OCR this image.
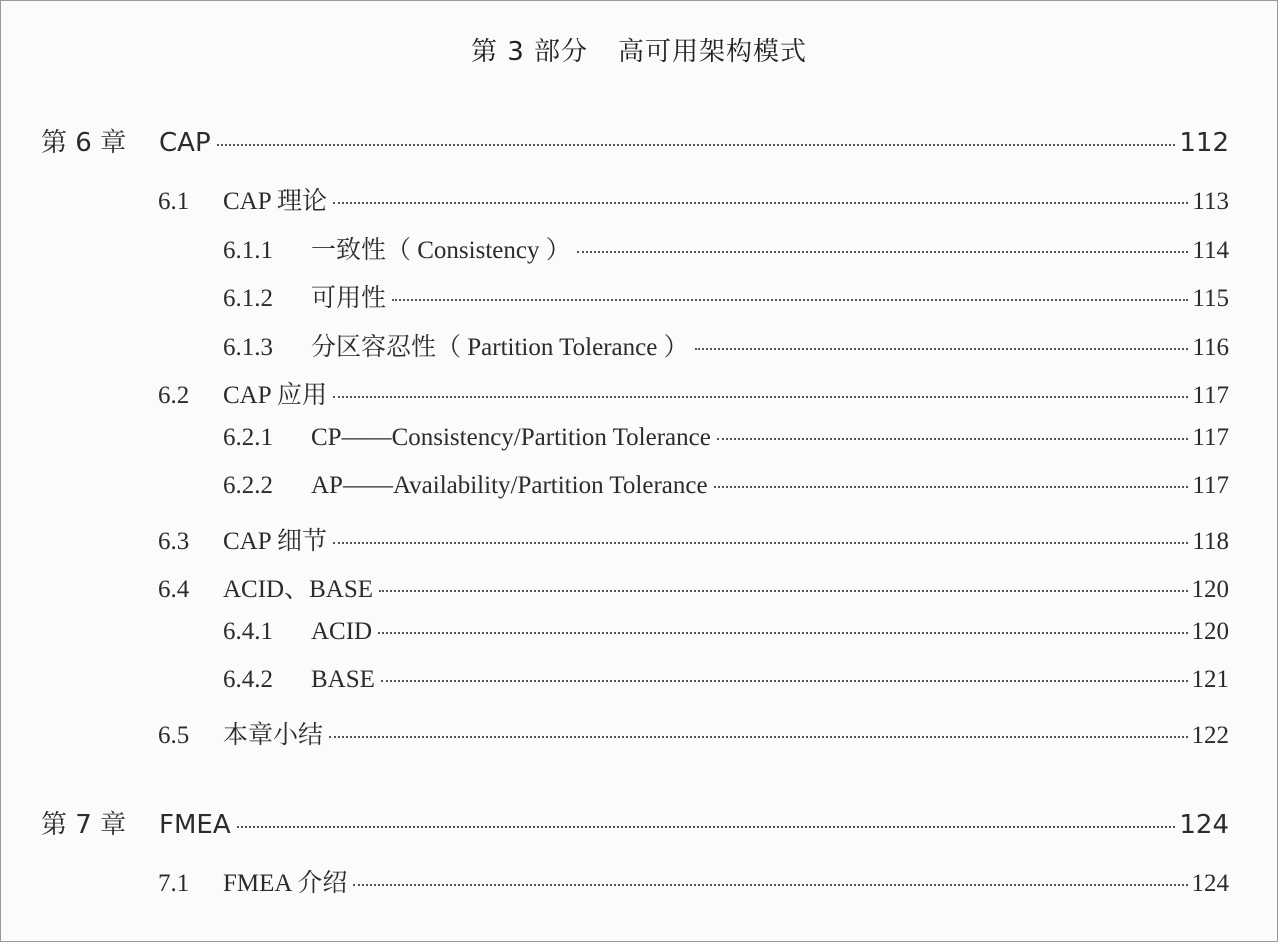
第 3 部分 高可用架构模式
第 6 章	CAP	112
6.1	CAP 理论	113
6.1.1	一致性（ Consistency ）	114
6.1.2	可用性	115
6.1.3	分区容忍性（ Partition Tolerance ）	116
6.2	CAP 应用	117
6.2.1	CP——Consistency/Partition Tolerance	117
6.2.2	AP——Availability/Partition Tolerance	117
6.3	CAP 细节	118
6.4	ACID、BASE	120
6.4.1	ACID	120
6.4.2	BASE	121
6.5	本章小结	122
第 7 章	FMEA	124
7.1	FMEA 介绍	124
